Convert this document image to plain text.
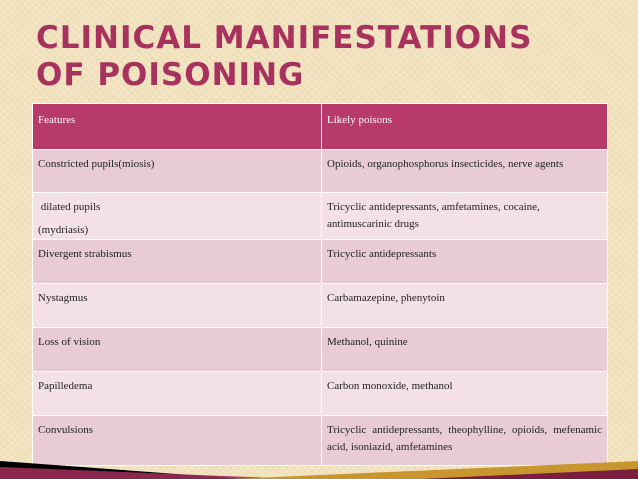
CLINICAL MANIFESTATIONS
OF POISONING
Features	Likely poisons
Constricted pupils(miosis)	Opioids, organophosphorus insecticides, nerve agents

dilated pupils
(mydriasis)	Tricyclic antidepressants, amfetamines, cocaine, antimuscarinic drugs
Divergent strabismus	Tricyclic antidepressants
Nystagmus	Carbamazepine, phenytoin
Loss of vision	Methanol, quinine
Papilledema	Carbon monoxide, methanol
Convulsions	Tricyclic antidepressants, theophylline, opioids, mefenamic acid, isoniazid, amfetamines
